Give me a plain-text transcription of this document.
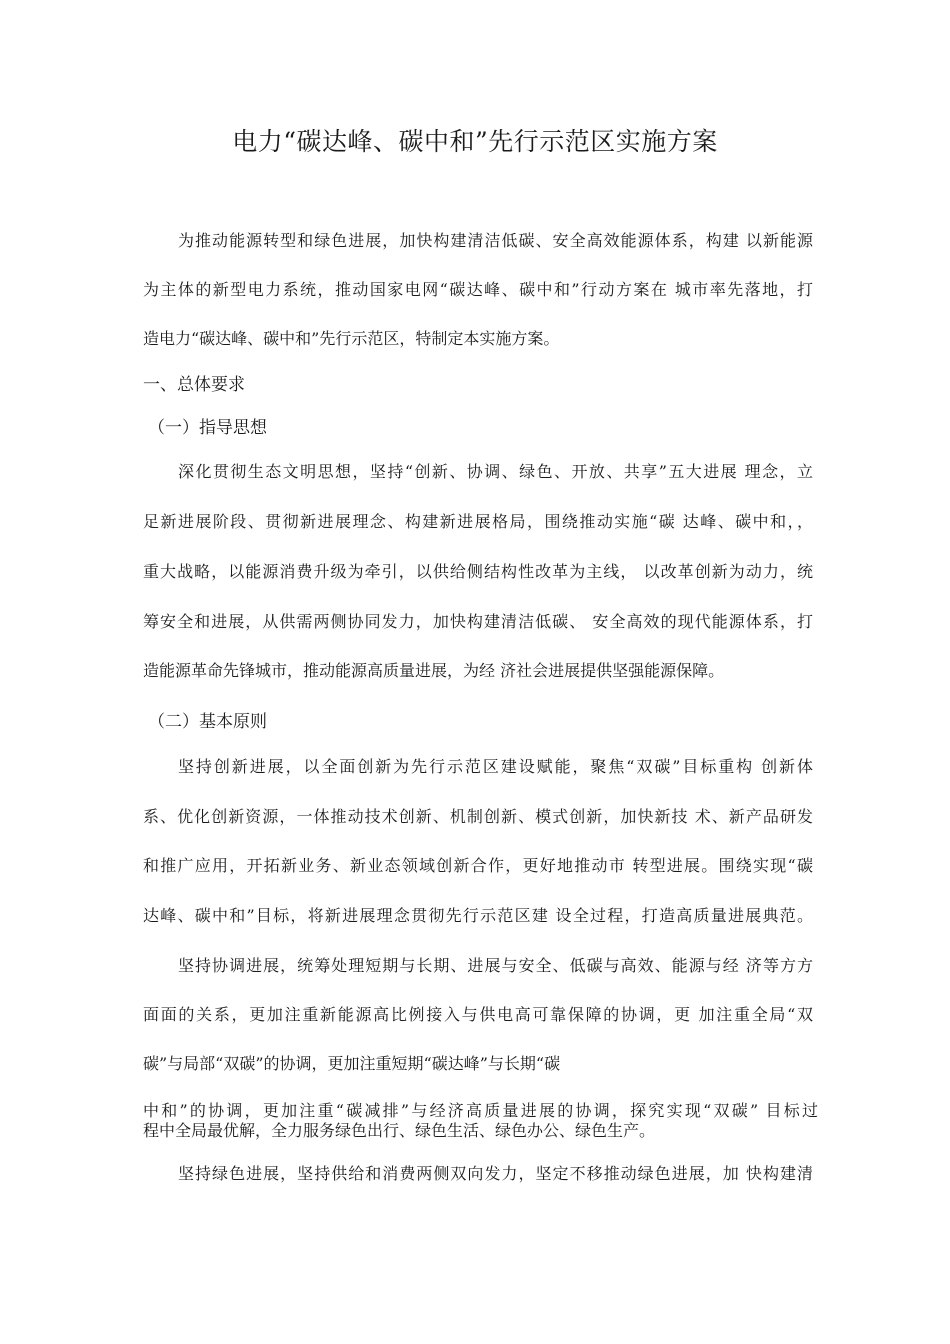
电力“碳达峰、碳中和”先行示范区实施方案

为推动能源转型和绿色进展，加快构建清洁低碳、安全高效能源体系，构建 以新能源

为主体的新型电力系统，推动国家电网“碳达峰、碳中和”行动方案在 城市率先落地，打

造电力“碳达峰、碳中和”先行示范区，特制定本实施方案。

一、总体要求
（一）指导思想

深化贯彻生态文明思想，坚持“创新、协调、绿色、开放、共享”五大进展 理念，立

足新进展阶段、贯彻新进展理念、构建新进展格局，围绕推动实施“碳 达峰、碳中和，，

重大战略，以能源消费升级为牵引，以供给侧结构性改革为主线， 以改革创新为动力，统

筹安全和进展，从供需两侧协同发力，加快构建清洁低碳、 安全高效的现代能源体系，打

造能源革命先锋城市，推动能源高质量进展，为经 济社会进展提供坚强能源保障。

（二）基本原则

坚持创新进展，以全面创新为先行示范区建设赋能，聚焦“双碳”目标重构 创新体

系、优化创新资源，一体推动技术创新、机制创新、模式创新，加快新技 术、新产品研发

和推广应用，开拓新业务、新业态领域创新合作，更好地推动市 转型进展。围绕实现“碳

达峰、碳中和”目标，将新进展理念贯彻先行示范区建 设全过程，打造高质量进展典范。

坚持协调进展，统筹处理短期与长期、进展与安全、低碳与高效、能源与经 济等方方

面面的关系，更加注重新能源高比例接入与供电高可靠保障的协调，更 加注重全局“双

碳”与局部“双碳”的协调，更加注重短期“碳达峰”与长期“碳

中和”的协调，更加注重“碳减排”与经济高质量进展的协调，探究实现“双碳” 目标过

程中全局最优解，全力服务绿色出行、绿色生活、绿色办公、绿色生产。

坚持绿色进展，坚持供给和消费两侧双向发力，坚定不移推动绿色进展，加 快构建清
